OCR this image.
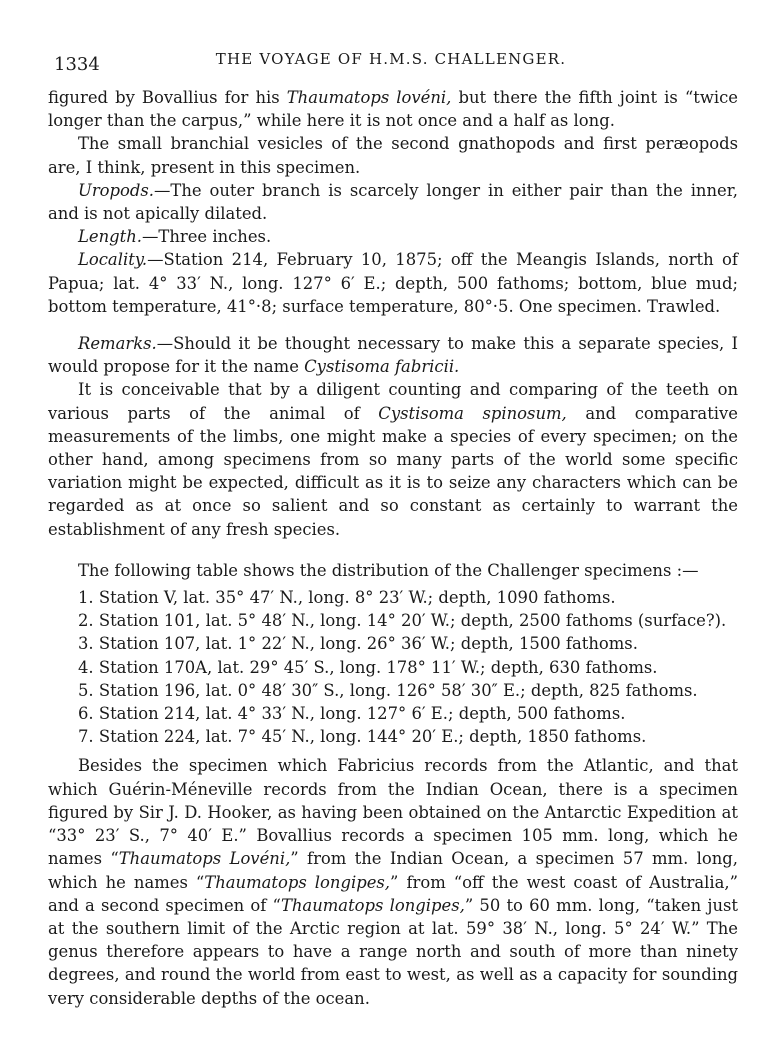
1334	THE VOYAGE OF H.M.S. CHALLENGER.

figured by Bovallius for his Thaumatops lovéni, but there the fifth joint is “twice longer than the carpus,” while here it is not once and a half as long.

The small branchial vesicles of the second gnathopods and first peræopods are, I think, present in this specimen.

Uropods.—The outer branch is scarcely longer in either pair than the inner, and is not apically dilated.

Length.—Three inches.

Locality.—Station 214, February 10, 1875; off the Meangis Islands, north of Papua; lat. 4° 33′ N., long. 127° 6′ E.; depth, 500 fathoms; bottom, blue mud; bottom temperature, 41°·8; surface temperature, 80°·5. One specimen. Trawled.

Remarks.—Should it be thought necessary to make this a separate species, I would propose for it the name Cystisoma fabricii.

It is conceivable that by a diligent counting and comparing of the teeth on various parts of the animal of Cystisoma spinosum, and comparative measurements of the limbs, one might make a species of every specimen; on the other hand, among specimens from so many parts of the world some specific variation might be expected, difficult as it is to seize any characters which can be regarded as at once so salient and so constant as certainly to warrant the establishment of any fresh species.

The following table shows the distribution of the Challenger specimens :—

1. Station V, lat. 35° 47′ N., long. 8° 23′ W.; depth, 1090 fathoms.
2. Station 101, lat. 5° 48′ N., long. 14° 20′ W.; depth, 2500 fathoms (surface?).
3. Station 107, lat. 1° 22′ N., long. 26° 36′ W.; depth, 1500 fathoms.
4. Station 170A, lat. 29° 45′ S., long. 178° 11′ W.; depth, 630 fathoms.
5. Station 196, lat. 0° 48′ 30″ S., long. 126° 58′ 30″ E.; depth, 825 fathoms.
6. Station 214, lat. 4° 33′ N., long. 127° 6′ E.; depth, 500 fathoms.
7. Station 224, lat. 7° 45′ N., long. 144° 20′ E.; depth, 1850 fathoms.

Besides the specimen which Fabricius records from the Atlantic, and that which Guérin-Méneville records from the Indian Ocean, there is a specimen figured by Sir J. D. Hooker, as having been obtained on the Antarctic Expedition at “33° 23′ S., 7° 40′ E.” Bovallius records a specimen 105 mm. long, which he names “Thaumatops Lovéni,” from the Indian Ocean, a specimen 57 mm. long, which he names “Thaumatops longipes,” from “off the west coast of Australia,” and a second specimen of “Thaumatops longipes,” 50 to 60 mm. long, “taken just at the southern limit of the Arctic region at lat. 59° 38′ N., long. 5° 24′ W.” The genus therefore appears to have a range north and south of more than ninety degrees, and round the world from east to west, as well as a capacity for sounding very considerable depths of the ocean.
